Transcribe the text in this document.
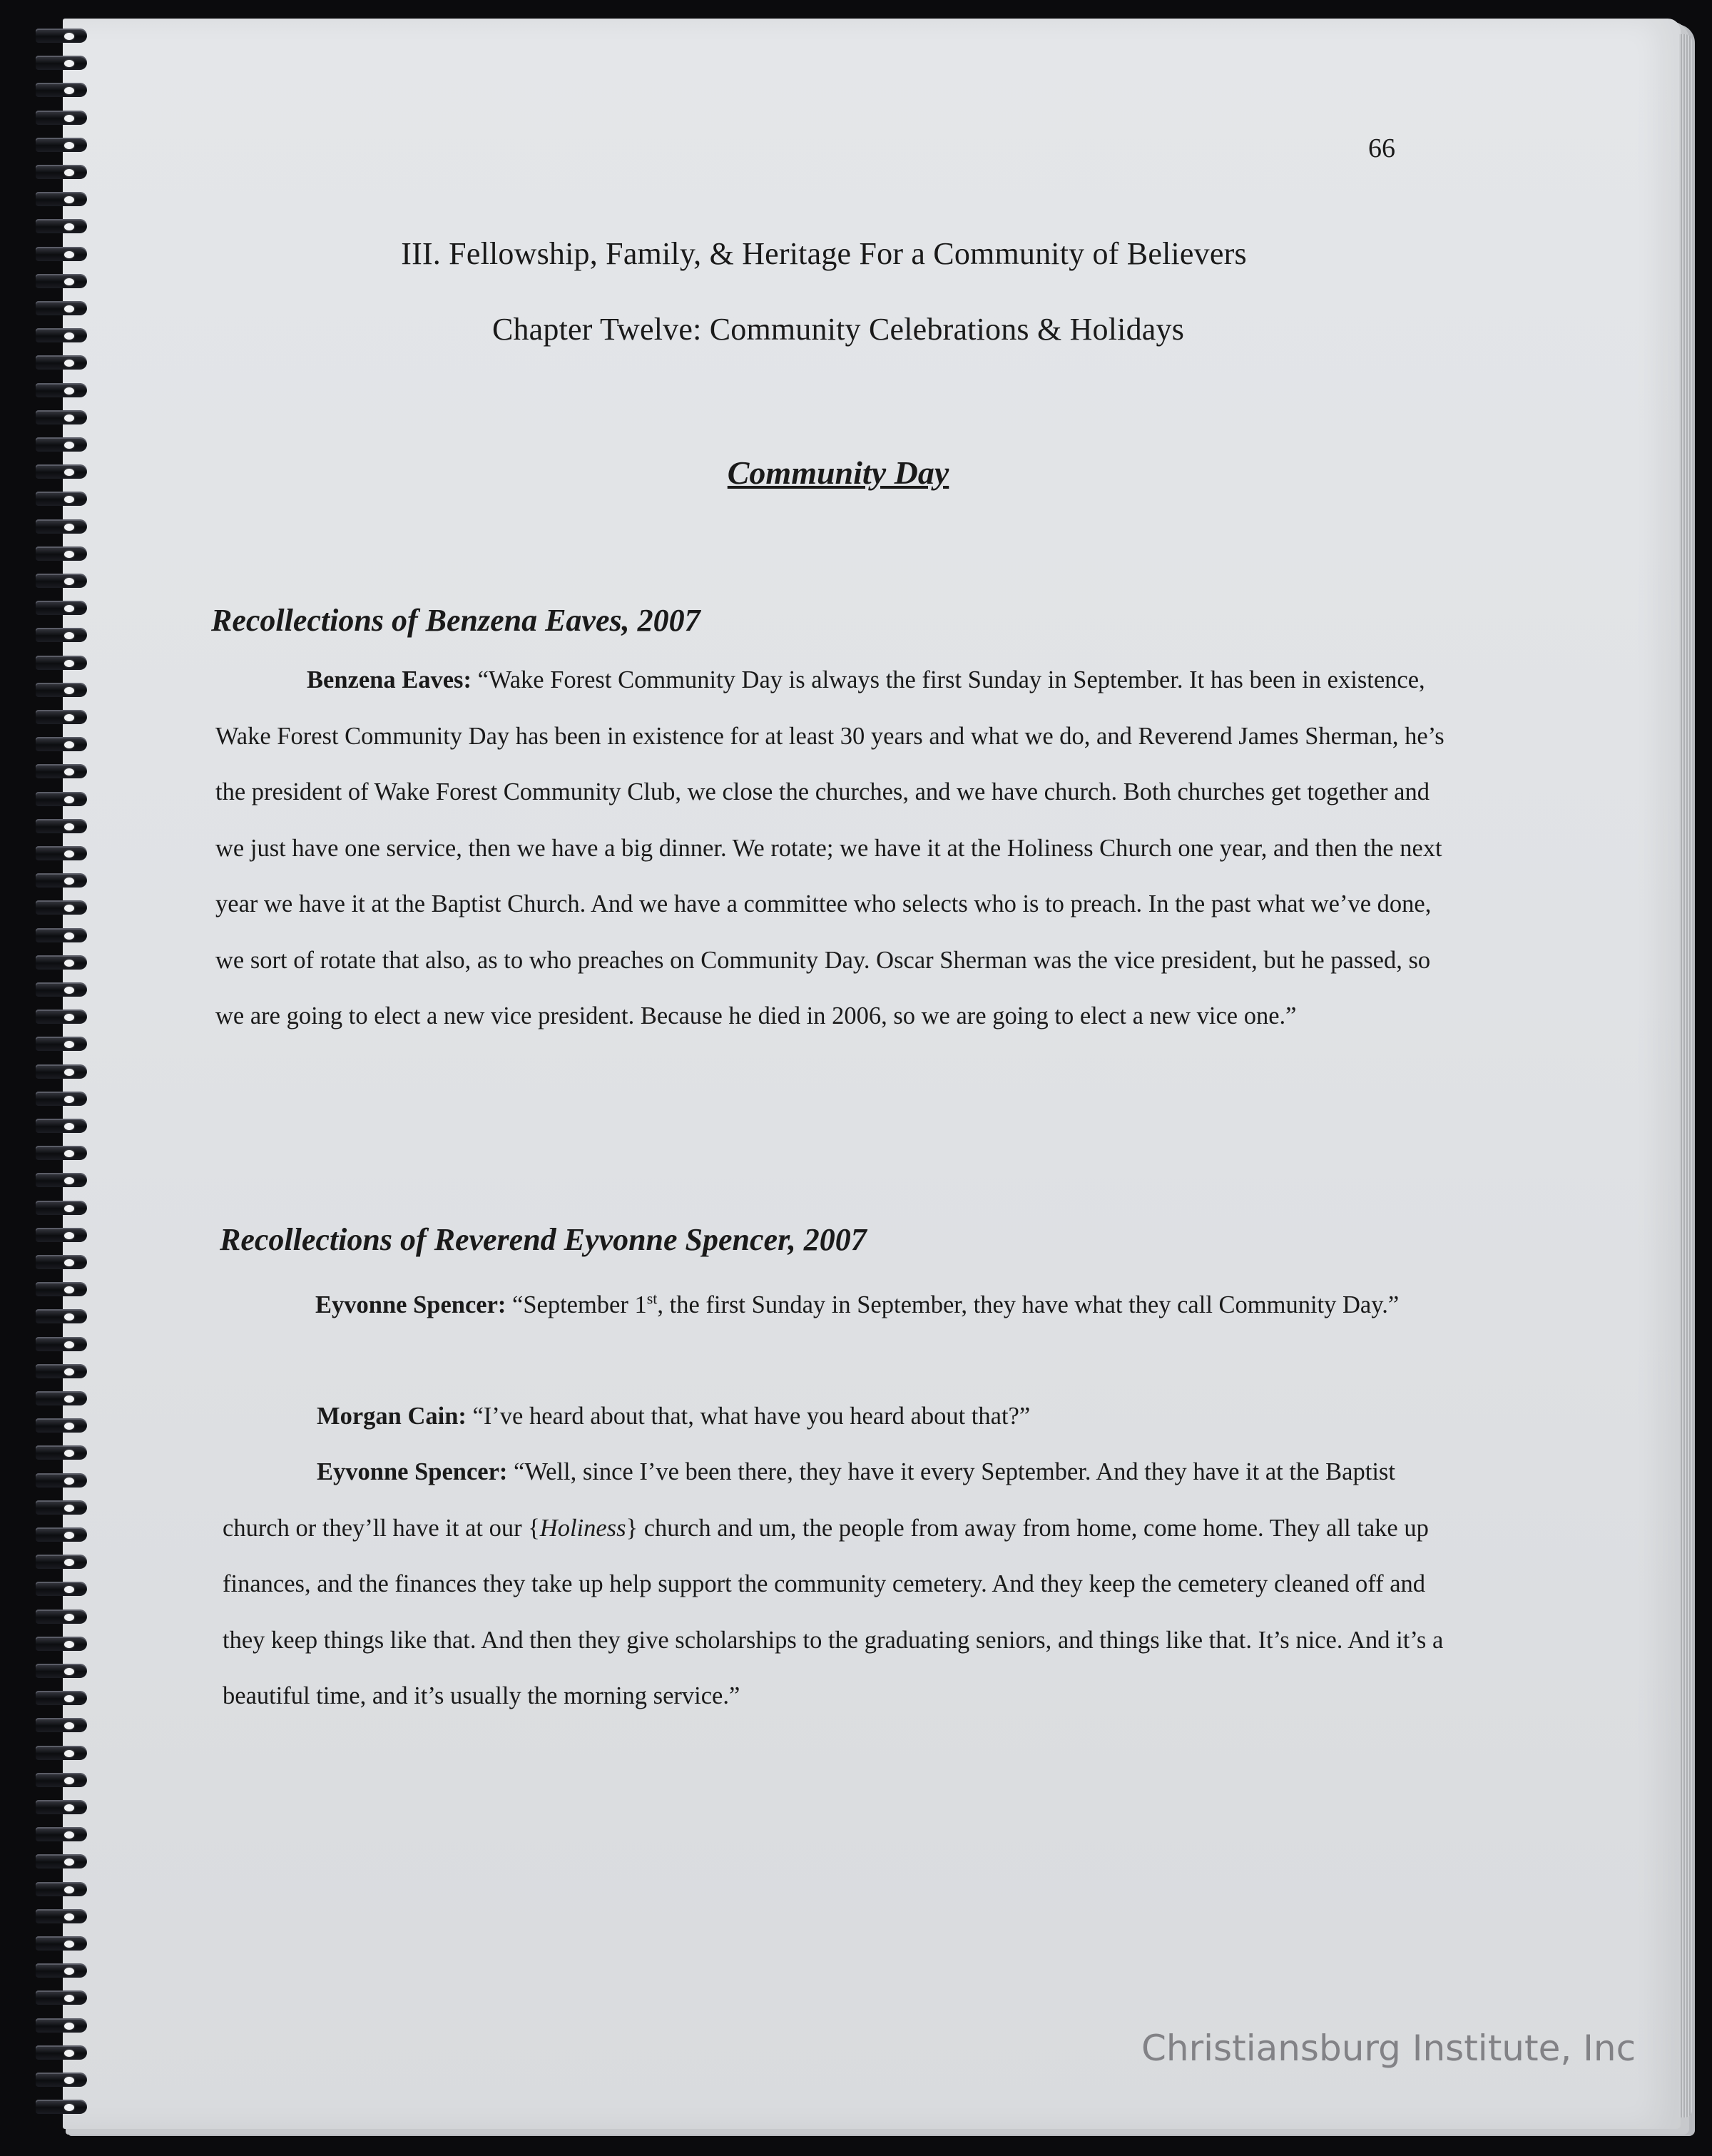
66
III. Fellowship, Family, & Heritage For a Community of Believers
Chapter Twelve: Community Celebrations & Holidays
Community Day
Recollections of Benzena Eaves, 2007
Benzena Eaves: “Wake Forest Community Day is always the first Sunday in September. It has been in existence, Wake Forest Community Day has been in existence for at least 30 years and what we do, and Reverend James Sherman, he’s the president of Wake Forest Community Club, we close the churches, and we have church. Both churches get together and we just have one service, then we have a big dinner. We rotate; we have it at the Holiness Church one year, and then the next year we have it at the Baptist Church. And we have a committee who selects who is to preach. In the past what we’ve done, we sort of rotate that also, as to who preaches on Community Day. Oscar Sherman was the vice president, but he passed, so we are going to elect a new vice president. Because he died in 2006, so we are going to elect a new vice one.”
Recollections of Reverend Eyvonne Spencer, 2007
Eyvonne Spencer: “September 1st, the first Sunday in September, they have what they call Community Day.”
Morgan Cain: “I’ve heard about that, what have you heard about that?”
Eyvonne Spencer: “Well, since I’ve been there, they have it every September. And they have it at the Baptist church or they’ll have it at our {Holiness} church and um, the people from away from home, come home. They all take up finances, and the finances they take up help support the community cemetery. And they keep the cemetery cleaned off and they keep things like that. And then they give scholarships to the graduating seniors, and things like that. It’s nice. And it’s a beautiful time, and it’s usually the morning service.”
Christiansburg Institute, Inc
